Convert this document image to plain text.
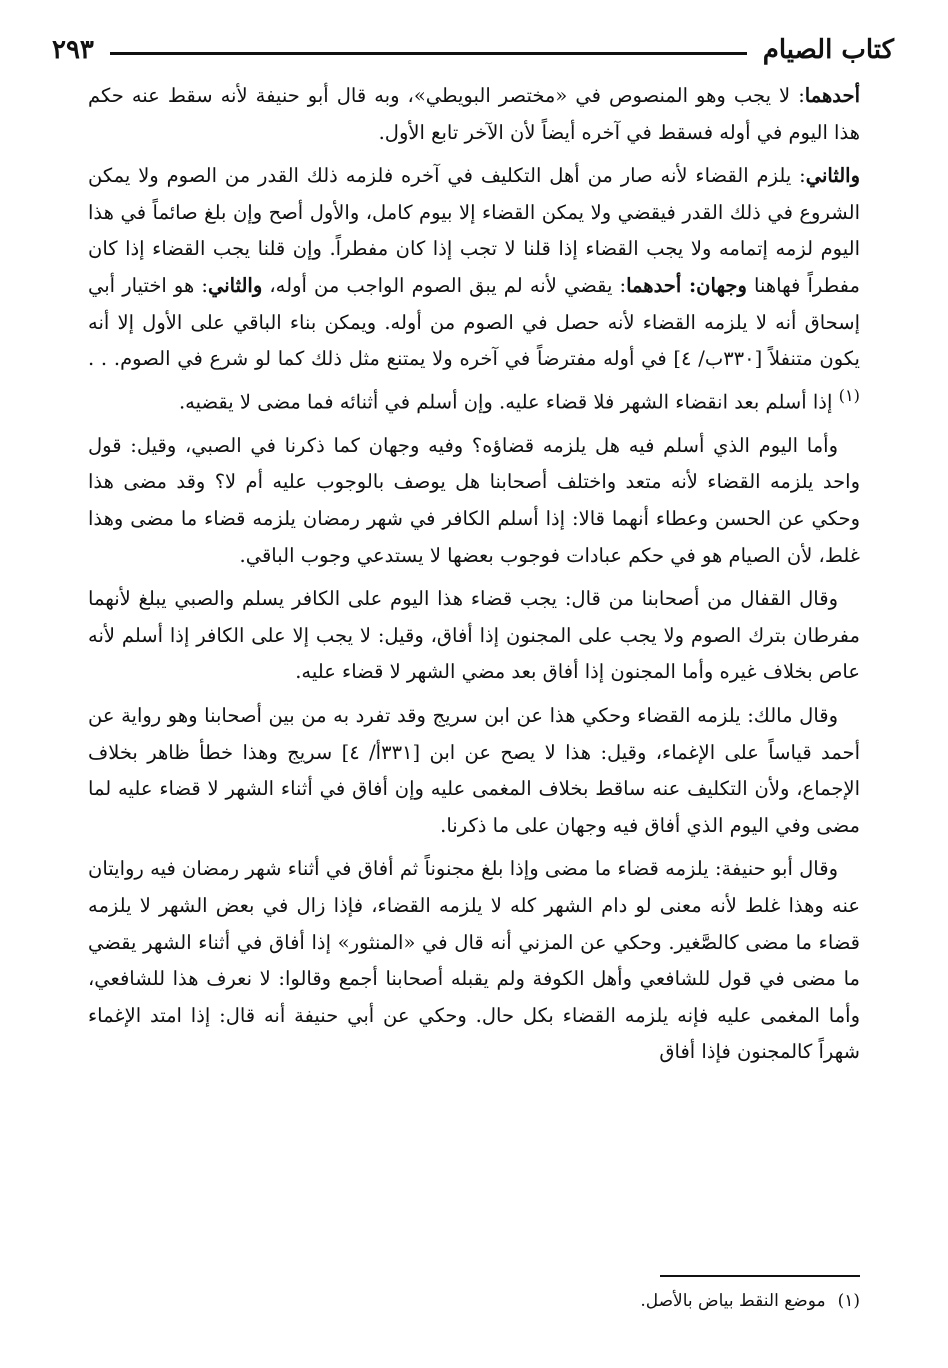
كتاب الصيام
٢٩٣

أحدهما: لا يجب وهو المنصوص في «مختصر البويطي»، وبه قال أبو حنيفة لأنه سقط عنه حكم هذا اليوم في أوله فسقط في آخره أيضاً لأن الآخر تابع الأول.

والثاني: يلزم القضاء لأنه صار من أهل التكليف في آخره فلزمه ذلك القدر من الصوم ولا يمكن الشروع في ذلك القدر فيقضي ولا يمكن القضاء إلا بيوم كامل، والأول أصح وإن بلغ صائماً في هذا اليوم لزمه إتمامه ولا يجب القضاء إذا قلنا لا تجب إذا كان مفطراً. وإن قلنا يجب القضاء إذا كان مفطراً فهاهنا وجهان: أحدهما: يقضي لأنه لم يبق الصوم الواجب من أوله، والثاني: هو اختيار أبي إسحاق أنه لا يلزمه القضاء لأنه حصل في الصوم من أوله. ويمكن بناء الباقي على الأول إلا أنه يكون متنفلاً [٣٣٠ب/ ٤] في أوله مفترضاً في آخره ولا يمتنع مثل ذلك كما لو شرع في الصوم. . .$^{(١)}$ إذا أسلم بعد انقضاء الشهر فلا قضاء عليه. وإن أسلم في أثنائه فما مضى لا يقضيه.

وأما اليوم الذي أسلم فيه هل يلزمه قضاؤه؟ وفيه وجهان كما ذكرنا في الصبي، وقيل: قول واحد يلزمه القضاء لأنه متعد واختلف أصحابنا هل يوصف بالوجوب عليه أم لا؟ وقد مضى هذا وحكي عن الحسن وعطاء أنهما قالا: إذا أسلم الكافر في شهر رمضان يلزمه قضاء ما مضى وهذا غلط، لأن الصيام هو في حكم عبادات فوجوب بعضها لا يستدعي وجوب الباقي.

وقال القفال من أصحابنا من قال: يجب قضاء هذا اليوم على الكافر يسلم والصبي يبلغ لأنهما مفرطان بترك الصوم ولا يجب على المجنون إذا أفاق، وقيل: لا يجب إلا على الكافر إذا أسلم لأنه عاص بخلاف غيره وأما المجنون إذا أفاق بعد مضي الشهر لا قضاء عليه.

وقال مالك: يلزمه القضاء وحكي هذا عن ابن سريج وقد تفرد به من بين أصحابنا وهو رواية عن أحمد قياساً على الإغماء، وقيل: هذا لا يصح عن ابن [٣٣١أ/ ٤] سريج وهذا خطأ ظاهر بخلاف الإجماع، ولأن التكليف عنه ساقط بخلاف المغمى عليه وإن أفاق في أثناء الشهر لا قضاء عليه لما مضى وفي اليوم الذي أفاق فيه وجهان على ما ذكرنا.

وقال أبو حنيفة: يلزمه قضاء ما مضى وإذا بلغ مجنوناً ثم أفاق في أثناء شهر رمضان فيه روايتان عنه وهذا غلط لأنه معنى لو دام الشهر كله لا يلزمه القضاء، فإذا زال في بعض الشهر لا يلزمه قضاء ما مضى كالصَّغير. وحكي عن المزني أنه قال في «المنثور» إذا أفاق في أثناء الشهر يقضي ما مضى في قول للشافعي وأهل الكوفة ولم يقبله أصحابنا أجمع وقالوا: لا نعرف هذا للشافعي، وأما المغمى عليه فإنه يلزمه القضاء بكل حال. وحكي عن أبي حنيفة أنه قال: إذا امتد الإغماء شهراً كالمجنون فإذا أفاق

(١)موضع النقط بياض بالأصل.
